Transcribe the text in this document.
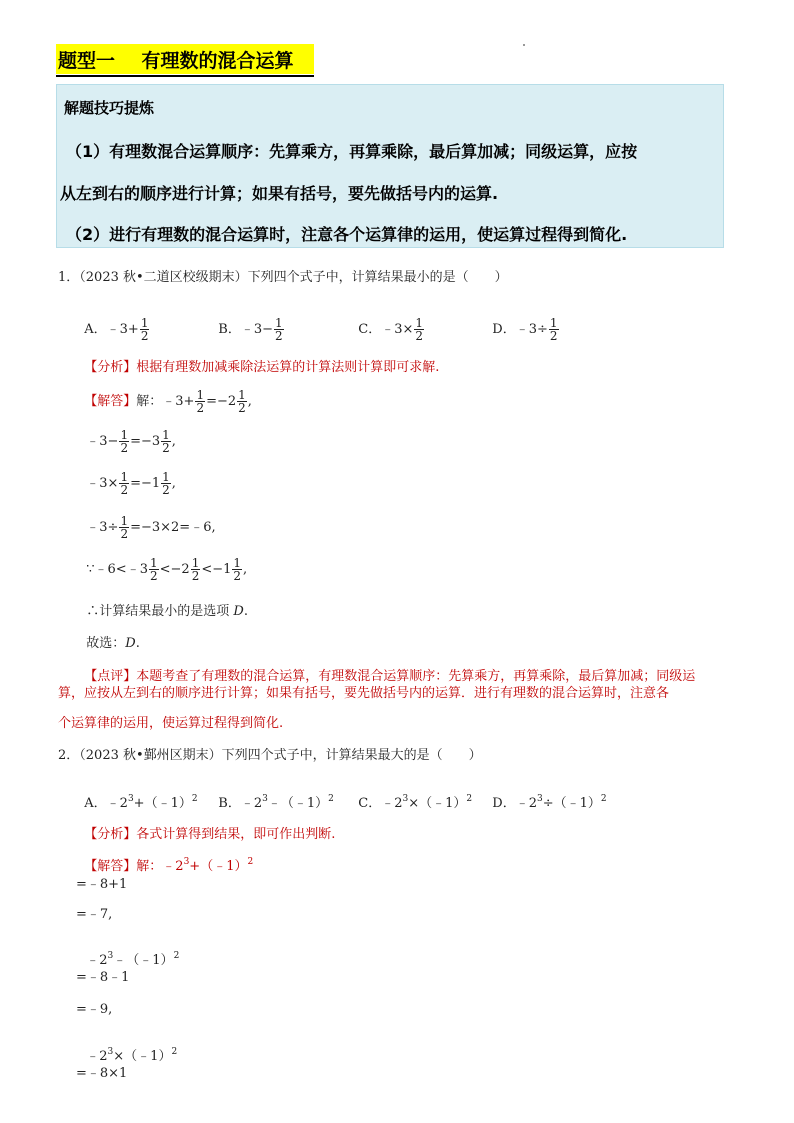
题型一    有理数的混合运算
解题技巧提炼
（1）有理数混合运算顺序：先算乘方，再算乘除，最后算加减；同级运算，应按
从左到右的顺序进行计算；如果有括号，要先做括号内的运算.
（2）进行有理数的混合运算时，注意各个运算律的运用，使运算过程得到简化.
1．（2023 秋•二道区校级期末）下列四个式子中，计算结果最小的是（　　）

A．﹣3+ $\frac{1}{2}$	B．﹣3− $\frac{1}{2}$	C．﹣3× $\frac{1}{2}$	D．﹣3÷ $\frac{1}{2}$

【分析】根据有理数加减乘除法运算的计算法则计算即可求解.

【解答】解：﹣3+ $\frac{1}{2} =-2 \frac{1}{2}$ ,

﹣3− $\frac{1}{2} =-3 \frac{1}{2}$ ,

﹣3× $\frac{1}{2} =-1 \frac{1}{2}$ ,

﹣3÷ $\frac{1}{2}$ =−3×2=﹣6,

∵﹣6<﹣3 $\frac{1}{2} <-2 \frac{1}{2} <-1 \frac{1}{2}$ ,

∴计算结果最小的是选项 D.

故选：D.

【点评】本题考查了有理数的混合运算，有理数混合运算顺序：先算乘方，再算乘除，最后算加减；同级运

算，应按从左到右的顺序进行计算；如果有括号，要先做括号内的运算．进行有理数的混合运算时，注意各
个运算律的运用，使运算过程得到简化.
2．（2023 秋•鄞州区期末）下列四个式子中，计算结果最大的是（　　）

A．$﹣2^3+(﹣1)^2$	B．$﹣2^3﹣(﹣1)^2$	C．$﹣2^3\times(﹣1)^2$	D．$﹣2^3\div(﹣1)^2$

【分析】各式计算得到结果，即可作出判断.

【解答】解：$﹣2^3+(﹣1)^2$

=﹣8+1
=﹣7,

$﹣2^3﹣(﹣1)^2$

=﹣8﹣1
=﹣9,

$﹣2^3\times(﹣1)^2$

=﹣8×1
